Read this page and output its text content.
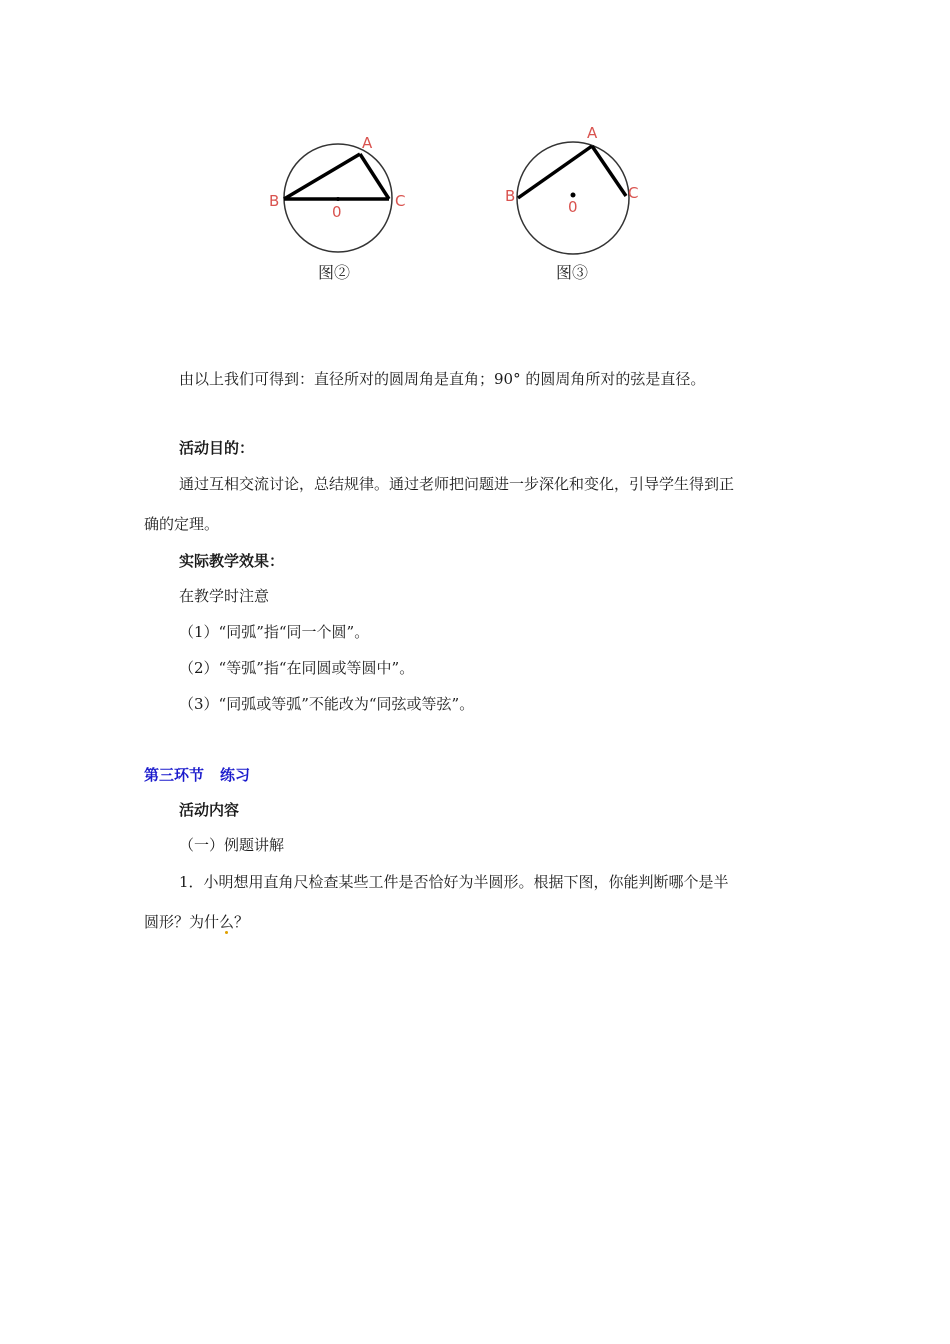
A
B	C
0
图②
A
B	C
0
图③
由以上我们可得到：直径所对的圆周角是直角；90° 的圆周角所对的弦是直径。
活动目的：
通过互相交流讨论，总结规律。通过老师把问题进一步深化和变化，引导学生得到正
确的定理。
实际教学效果：
在教学时注意
（1）“同弧”指“同一个圆”。
（2）“等弧”指“在同圆或等圆中”。
（3）“同弧或等弧”不能改为“同弦或等弦”。
第三环节 练习
活动内容
（一）例题讲解
1．小明想用直角尺检查某些工件是否恰好为半圆形。根据下图，你能判断哪个是半
圆形？为什么？
